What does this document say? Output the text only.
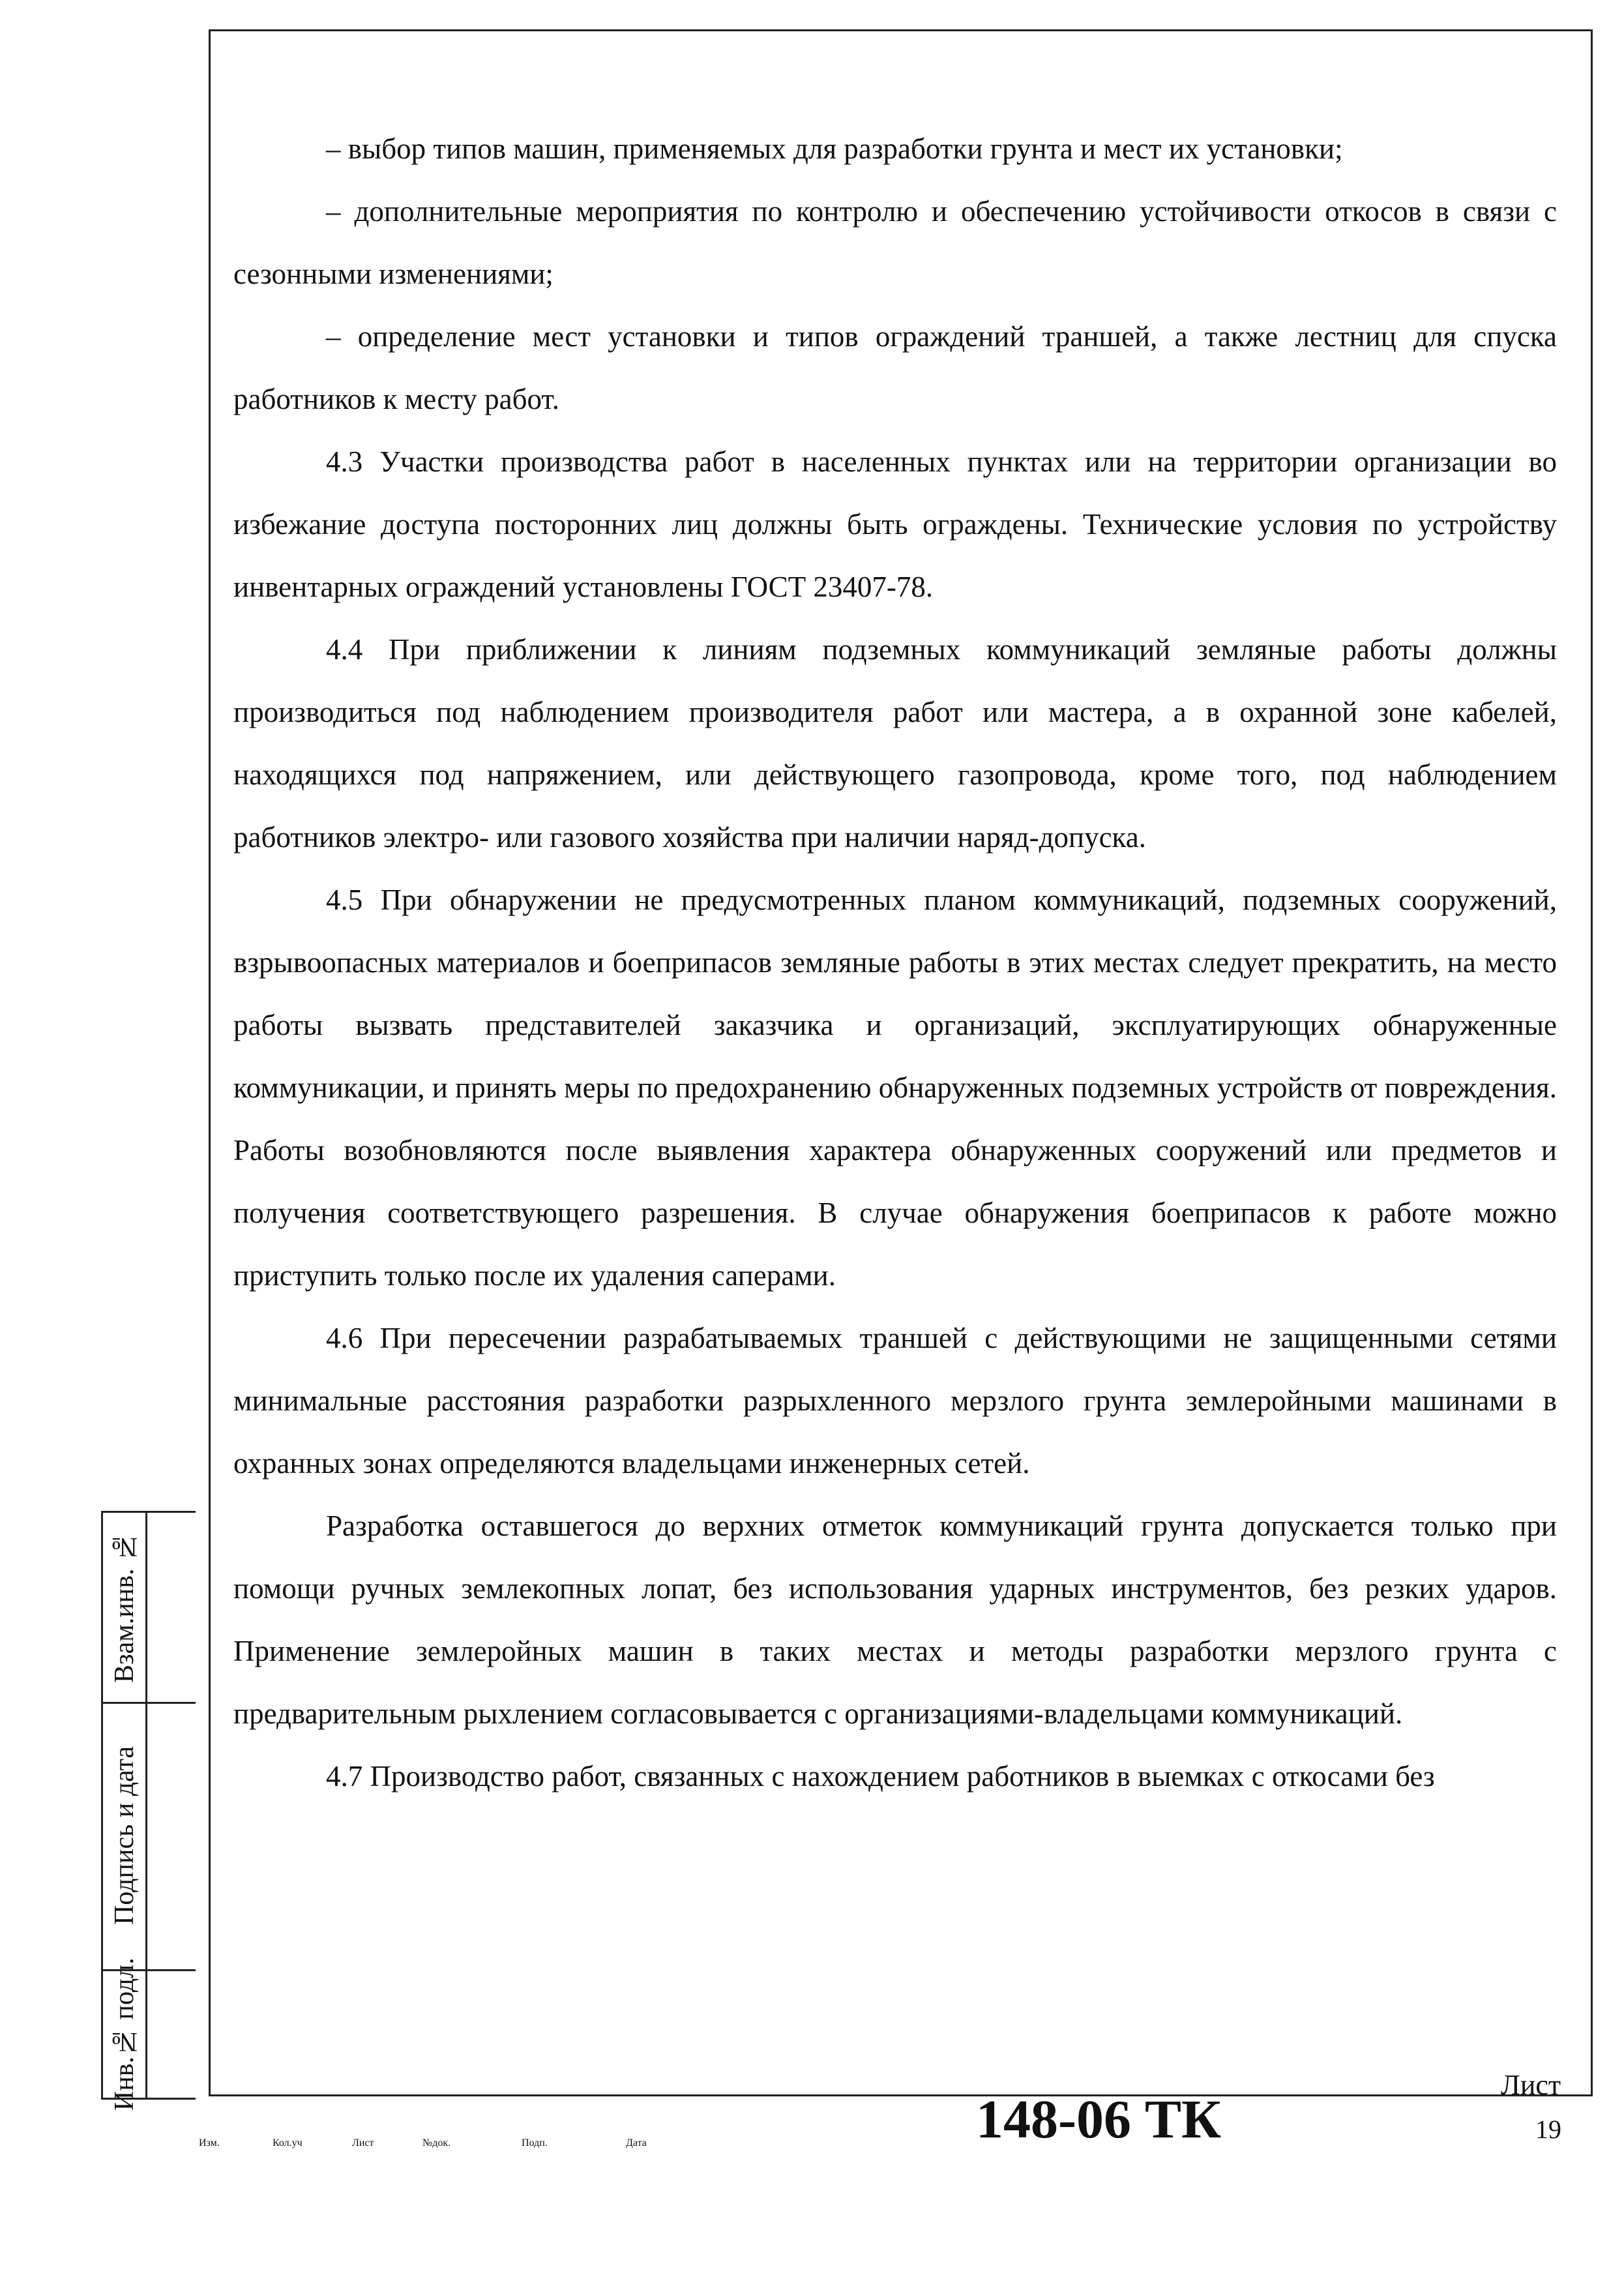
– выбор типов машин, применяемых для разработки грунта и мест их установки;

– дополнительные мероприятия по контролю и обеспечению устойчивости откосов в связи с сезонными изменениями;

– определение мест установки и типов ограждений траншей, а также лестниц для спуска работников к месту работ.

4.3 Участки производства работ в населенных пунктах или на территории организации во избежание доступа посторонних лиц должны быть ограждены. Технические условия по устройству инвентарных ограждений установлены ГОСТ 23407-78.

4.4 При приближении к линиям подземных коммуникаций земляные работы должны производиться под наблюдением производителя работ или мастера, а в охранной зоне кабелей, находящихся под напряжением, или действующего газопровода, кроме того, под наблюдением работников электро- или газового хозяйства при наличии наряд-допуска.

4.5 При обнаружении не предусмотренных планом коммуникаций, подземных сооружений, взрывоопасных материалов и боеприпасов земляные работы в этих местах следует прекратить, на место работы вызвать представителей заказчика и организаций, эксплуатирующих обнаруженные коммуникации, и принять меры по предохранению обнаруженных подземных устройств от повреждения. Работы возобновляются после выявления характера обнаруженных сооружений или предметов и получения соответствующего разрешения. В случае обнаружения боеприпасов к работе можно приступить только после их удаления саперами.

4.6 При пересечении разрабатываемых траншей с действующими не защищенными сетями минимальные расстояния разработки разрыхленного мерзлого грунта землеройными машинами в охранных зонах определяются владельцами инженерных сетей.

Разработка оставшегося до верхних отметок коммуникаций грунта допускается только при помощи ручных землекопных лопат, без использования ударных инструментов, без резких ударов. Применение землеройных машин в таких местах и методы разработки мерзлого грунта с предварительным рыхлением согласовывается с организациями-владельцами коммуникаций.

4.7 Производство работ, связанных с нахождением работников в выемках с откосами без

Взам.инв. №
Подпись и дата
Инв.№ подл.
Изм.	Кол.уч	Лист	№док.	Подп.	Дата	148-06 ТК
Лист
19
